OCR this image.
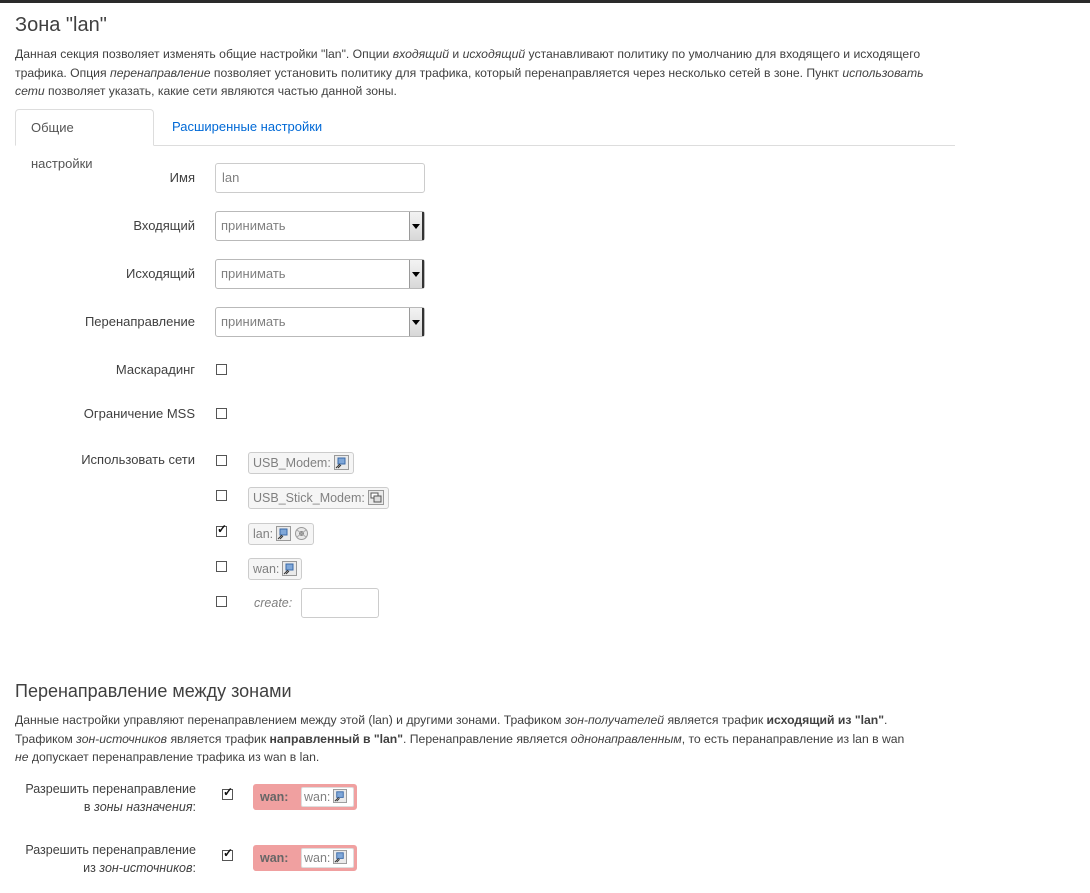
Зона "lan"

Данная секция позволяет изменять общие настройки "lan". Опции входящий и исходящий устанавливают политику по умолчанию для входящего и исходящего трафика. Опция перенаправление позволяет установить политику для трафика, который перенаправляется через несколько сетей в зоне. Пункт использовать сети позволяет указать, какие сети являются частью данной зоны.

Общие настройки
Расширенные настройки
Имя	lan
Входящий принимать
Исходящий принимать
Перенаправление принимать
Маскарадинг
Ограничение MSS
Использовать сети	USB_Modem:
USB_Stick_Modem:
✓	lan:
wan:
create:
Перенаправление между зонами

Данные настройки управляют перенаправлением между этой (lan) и другими зонами. Трафиком зон-получателей является трафик исходящий из "lan".
Трафиком зон-источников является трафик направленный в "lan". Перенаправление является однонаправленным, то есть перанаправление из lan в wan
не допускает перенаправление трафика из wan в lan.

Разрешить перенаправление
в зоны назначения:
✓ wan: wan:
Разрешить перенаправление
из зон-источников:
✓ wan: wan:
